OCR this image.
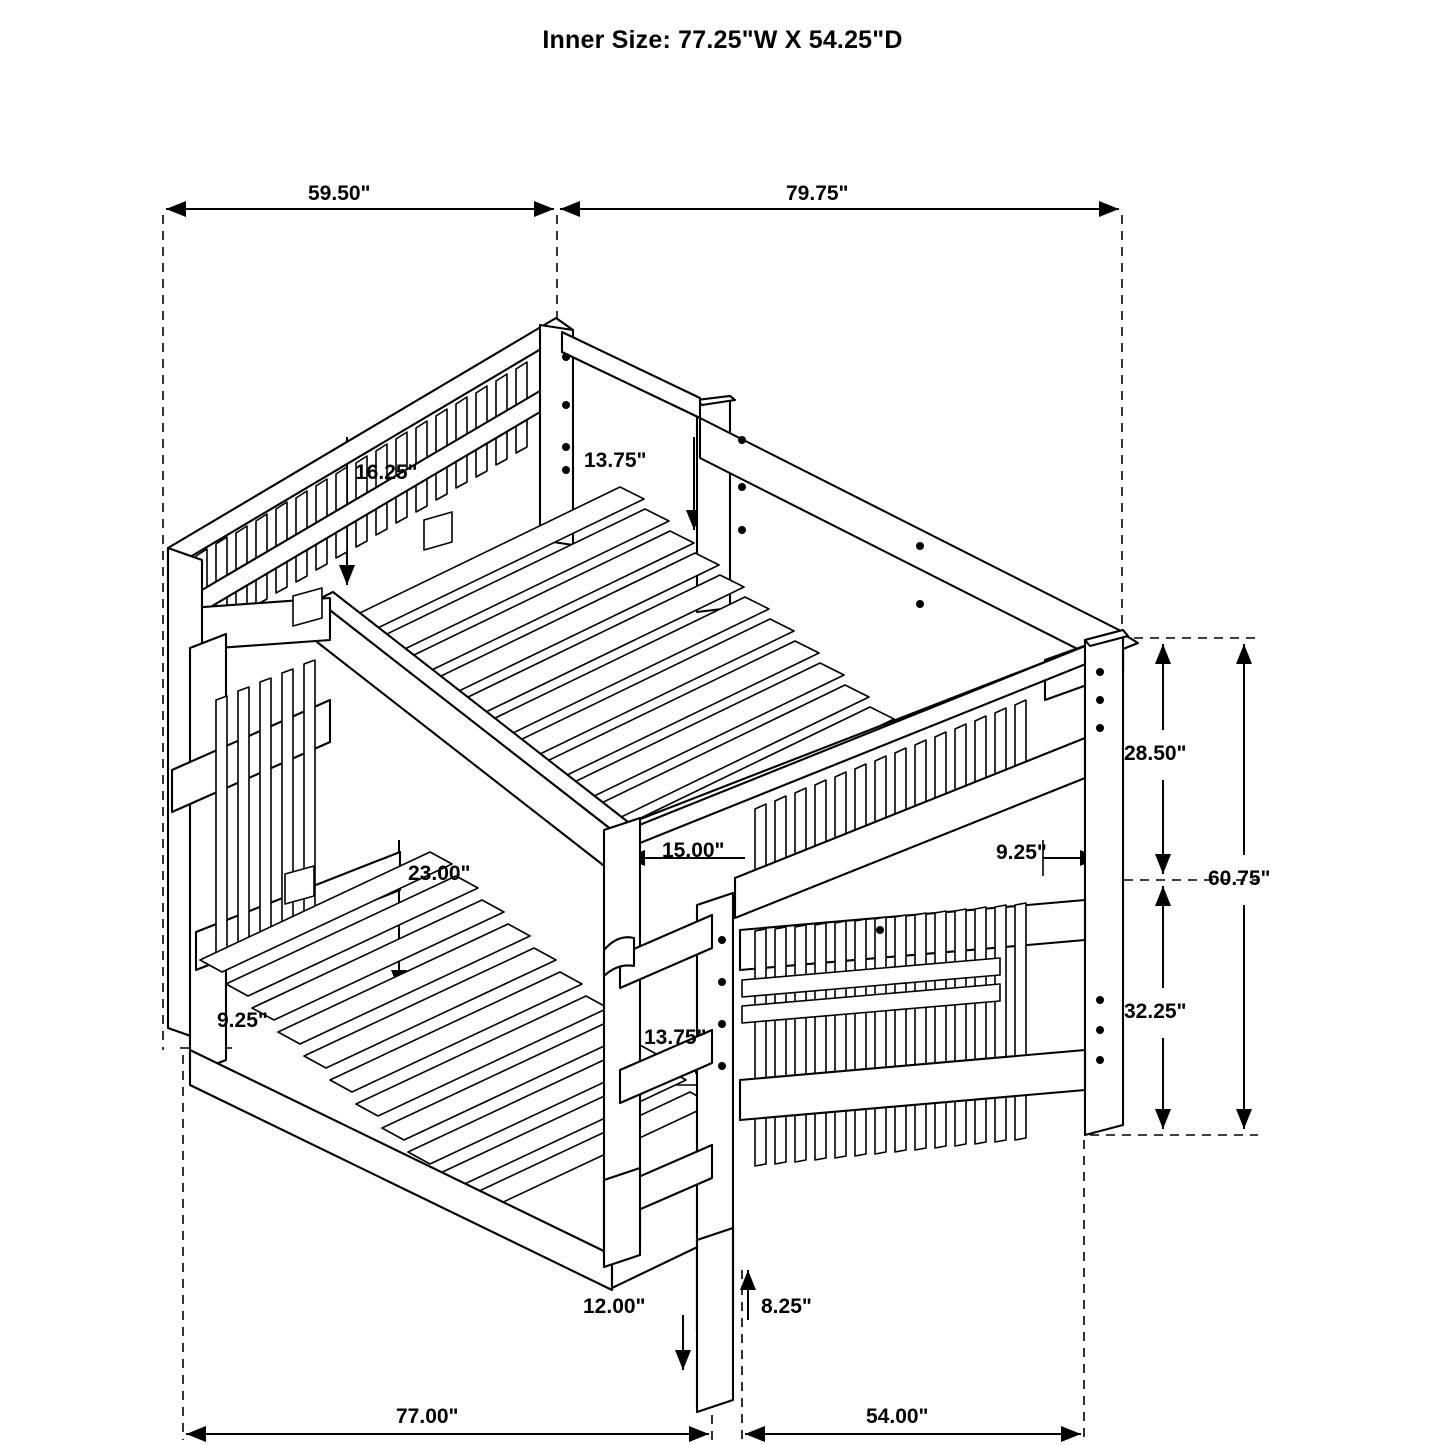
Inner Size: 77.25"W X 54.25"D
59.50"	79.75"
16.25"
13.75"
28.50"
60.75"
15.00"	9.25"
23.00"
9.25"	32.25"
13.75"
12.00"	8.25"
77.00"	54.00"
